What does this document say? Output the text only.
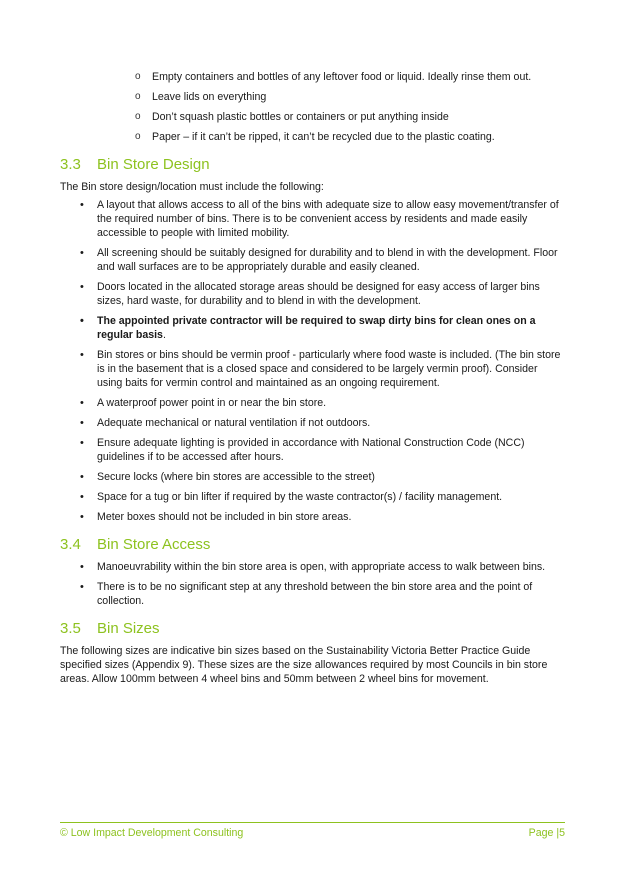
o Empty containers and bottles of any leftover food or liquid. Ideally rinse them out.
o Leave lids on everything
o Don’t squash plastic bottles or containers or put anything inside
o Paper – if it can’t be ripped, it can’t be recycled due to the plastic coating.
3.3 Bin Store Design

The Bin store design/location must include the following:

• A layout that allows access to all of the bins with adequate size to allow easy movement/transfer of the required number of bins. There is to be convenient access by residents and made easily accessible to people with limited mobility.
• All screening should be suitably designed for durability and to blend in with the development. Floor and wall surfaces are to be appropriately durable and easily cleaned.
• Doors located in the allocated storage areas should be designed for easy access of larger bins sizes, hard waste, for durability and to blend in with the development.
• The appointed private contractor will be required to swap dirty bins for clean ones on a regular basis.
• Bin stores or bins should be vermin proof - particularly where food waste is included. (The bin store is in the basement that is a closed space and considered to be largely vermin proof). Consider using baits for vermin control and maintained as an ongoing requirement.
• A waterproof power point in or near the bin store.
• Adequate mechanical or natural ventilation if not outdoors.
• Ensure adequate lighting is provided in accordance with National Construction Code (NCC) guidelines if to be accessed after hours.
• Secure locks (where bin stores are accessible to the street)
• Space for a tug or bin lifter if required by the waste contractor(s) / facility management.
• Meter boxes should not be included in bin store areas.
3.4 Bin Store Access
• Manoeuvrability within the bin store area is open, with appropriate access to walk between bins.
• There is to be no significant step at any threshold between the bin store area and the point of collection.
3.5 Bin Sizes

The following sizes are indicative bin sizes based on the Sustainability Victoria Better Practice Guide specified sizes (Appendix 9). These sizes are the size allowances required by most Councils in bin store areas. Allow 100mm between 4 wheel bins and 50mm between 2 wheel bins for movement.

© Low Impact Development Consulting	Page |5
